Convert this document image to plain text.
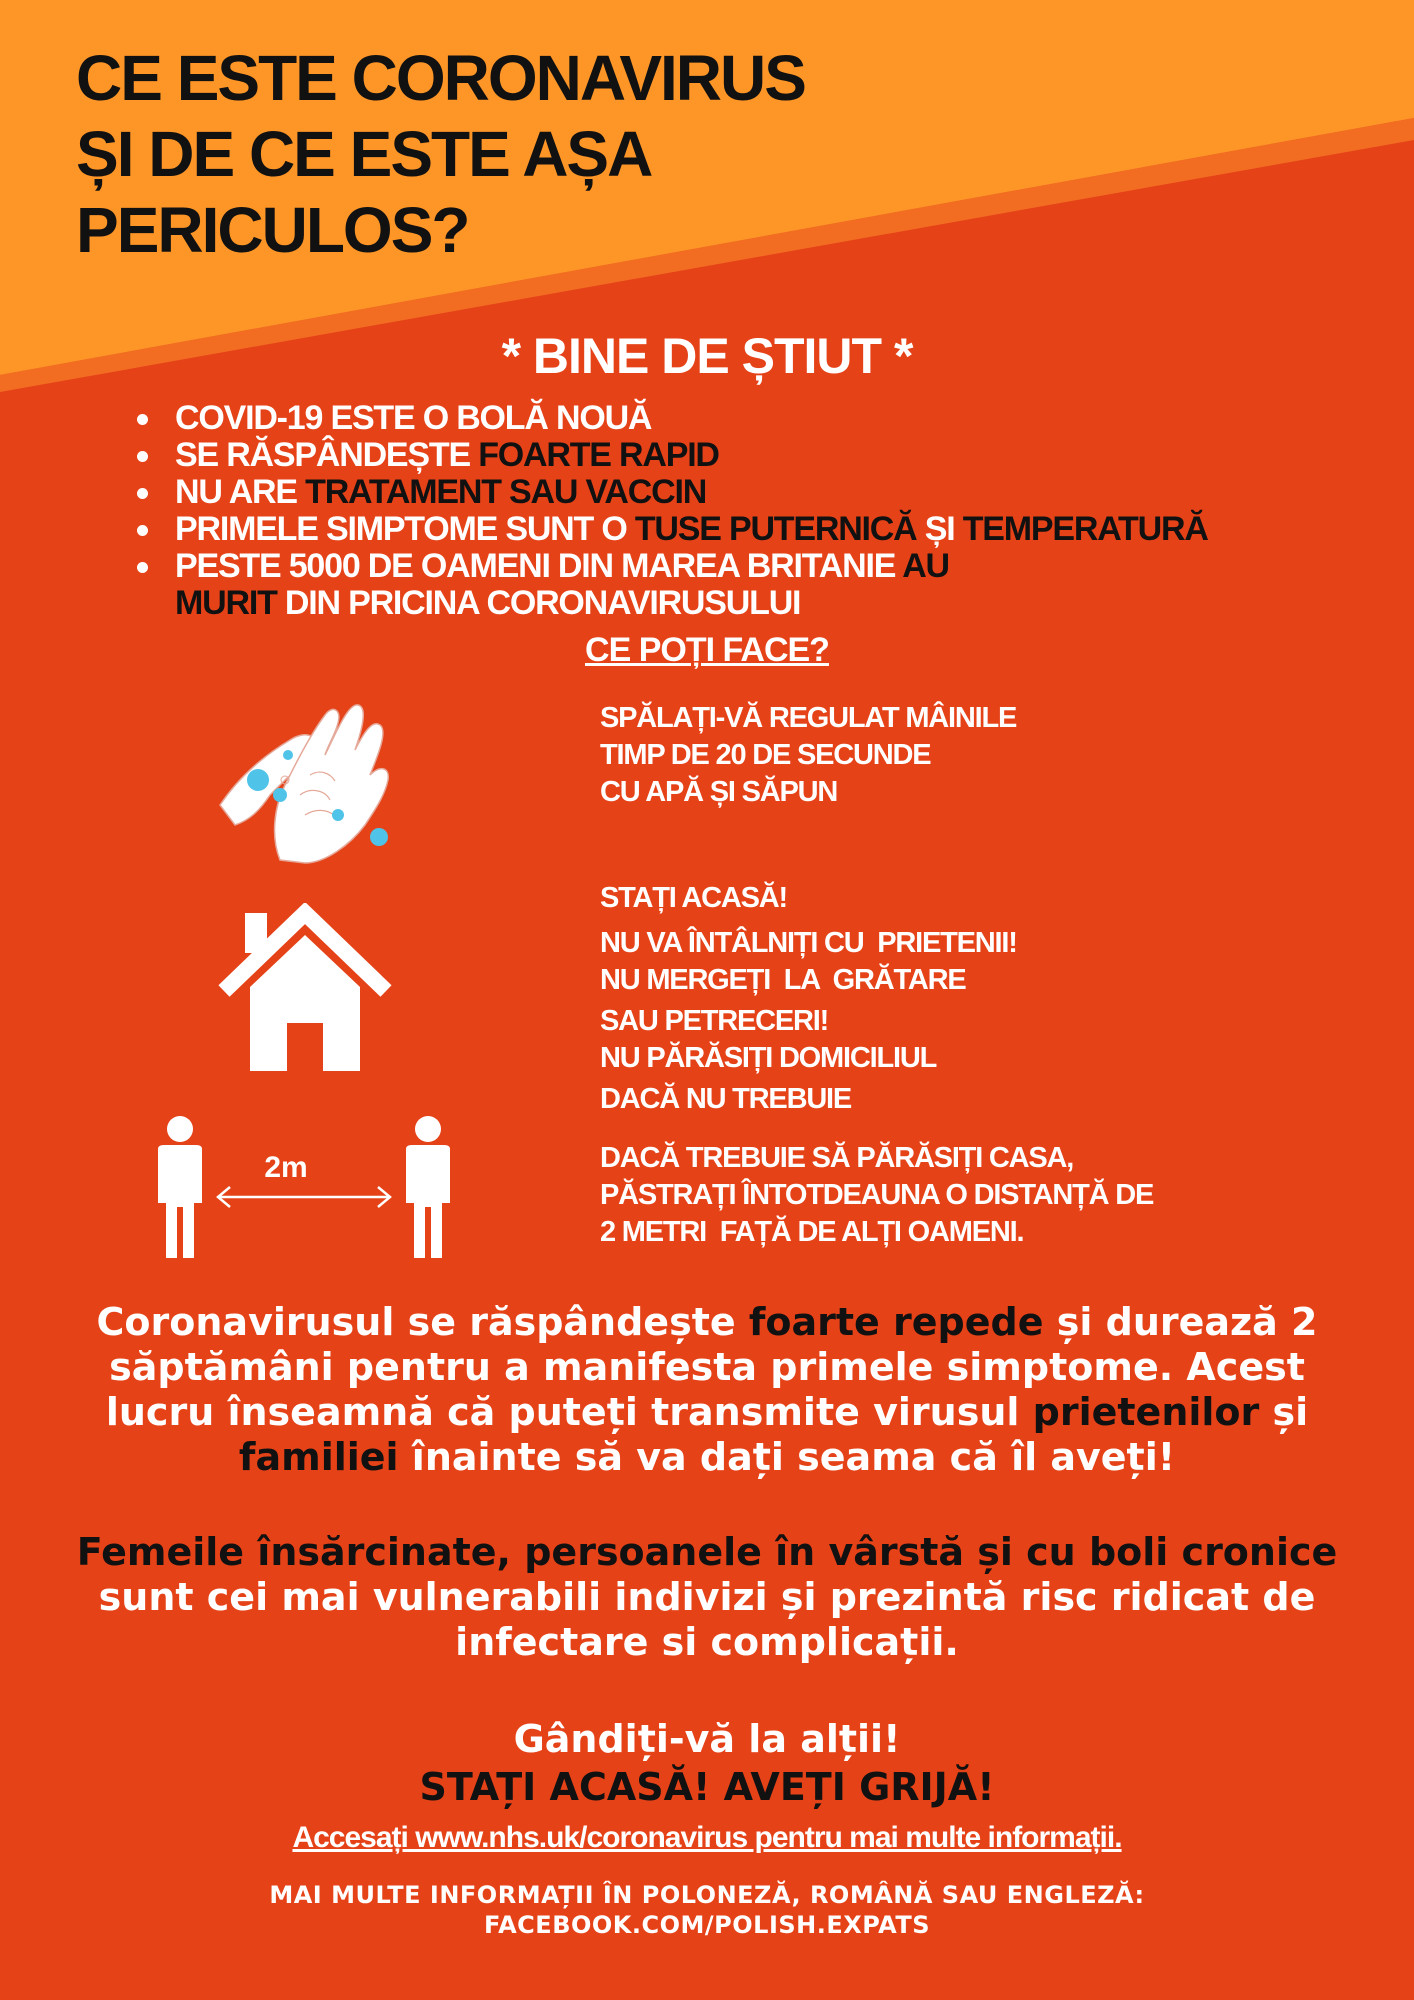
CE ESTE CORONAVIRUS
ȘI DE CE ESTE AȘA
PERICULOS?
* BINE DE ȘTIUT *
COVID-19 ESTE O BOLĂ NOUĂ
SE RĂSPÂNDEȘTE FOARTE RAPID
NU ARE TRATAMENT SAU VACCIN
PRIMELE SIMPTOME SUNT O TUSE PUTERNICĂ ȘI TEMPERATURĂ
PESTE 5000 DE OAMENI DIN MAREA BRITANIE AU
MURIT DIN PRICINA CORONAVIRUSULUI
CE POȚI FACE?
SPĂLAȚI-VĂ REGULAT MÂINILE
TIMP DE 20 DE SECUNDE
CU APĂ ȘI SĂPUN
STAȚI ACASĂ!
NU VA ÎNTÂLNIȚI CU  PRIETENII!
NU MERGEȚI  LA  GRĂTARE
SAU PETRECERI!
NU PĂRĂSIȚI DOMICILIUL
DACĂ NU TREBUIE
2m	DACĂ TREBUIE SĂ PĂRĂSIȚI CASA,
PĂSTRAȚI ÎNTOTDEAUNA O DISTANȚĂ DE
2 METRI  FAȚĂ DE ALȚI OAMENI.

Coronavirusul se răspândește foarte repede și durează 2 săptămâni pentru a manifesta primele simptome. Acest lucru înseamnă că puteți transmite virusul prietenilor și familiei înainte să va dați seama că îl aveți!

Femeile însărcinate, persoanele în vârstă și cu boli cronice sunt cei mai vulnerabili indivizi și prezintă risc ridicat de infectare si complicații.

Gândiți-vă la alții!
STAȚI ACASĂ! AVEȚI GRIJĂ!
Accesați www.nhs.uk/coronavirus pentru mai multe informații.
MAI MULTE INFORMAȚII ÎN POLONEZĂ, ROMÂNĂ SAU ENGLEZĂ:
FACEBOOK.COM/POLISH.EXPATS
